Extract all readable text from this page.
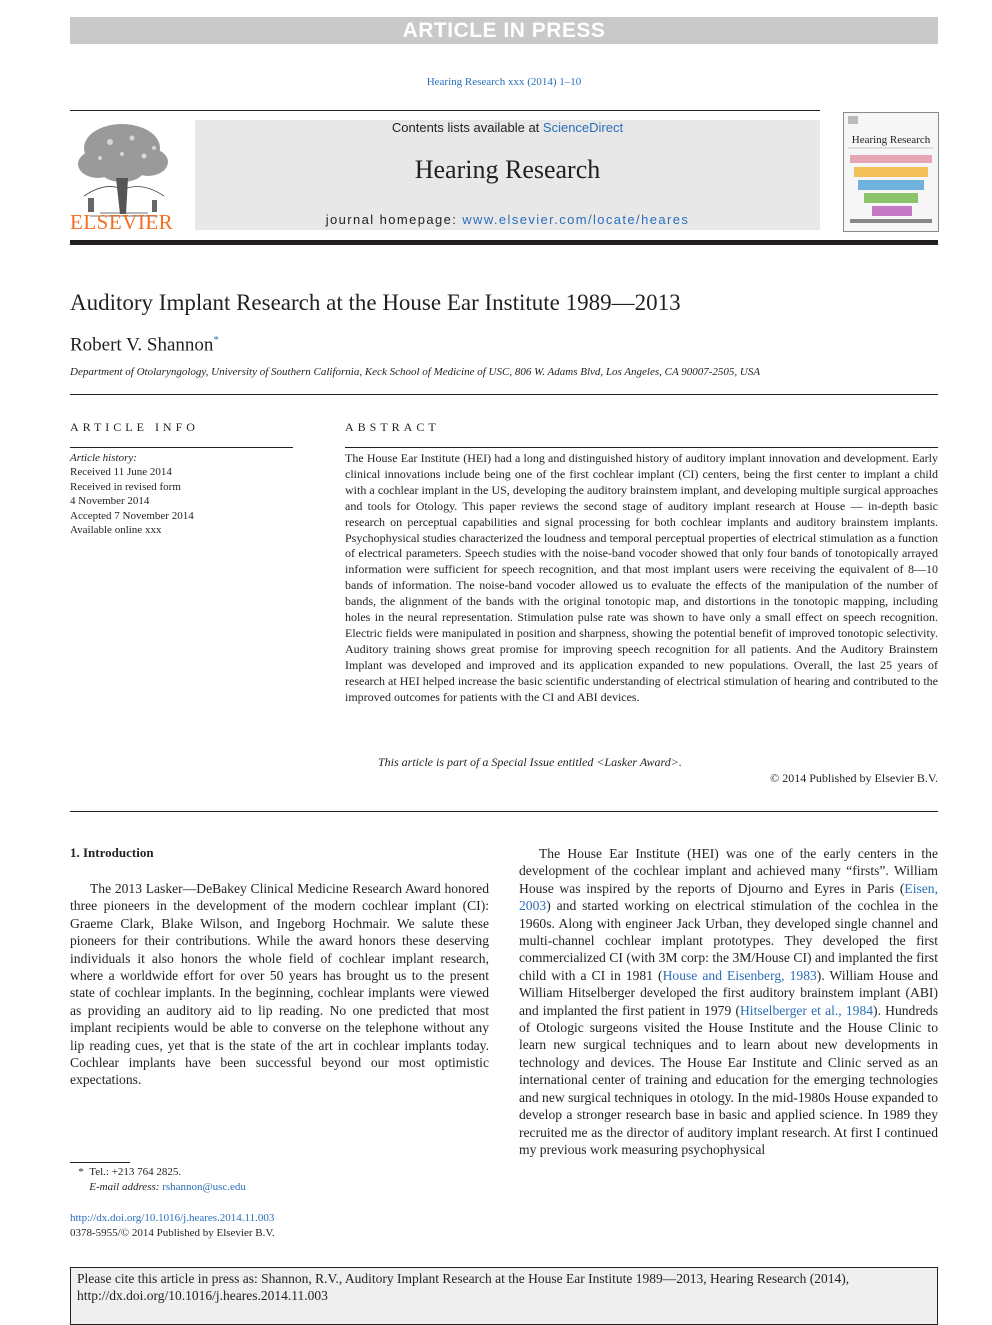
ARTICLE IN PRESS
Hearing Research xxx (2014) 1–10
ELSEVIER
Contents lists available at ScienceDirect
Hearing Research
journal homepage: www.elsevier.com/locate/heares
Hearing Research
Auditory Implant Research at the House Ear Institute 1989—2013
Robert V. Shannon*
Department of Otolaryngology, University of Southern California, Keck School of Medicine of USC, 806 W. Adams Blvd, Los Angeles, CA 90007-2505, USA
ARTICLE INFO	ABSTRACT
Article history:
Received 11 June 2014
Received in revised form
4 November 2014
Accepted 7 November 2014
Available online xxx
The House Ear Institute (HEI) had a long and distinguished history of auditory implant innovation and development. Early clinical innovations include being one of the first cochlear implant (CI) centers, being the first center to implant a child with a cochlear implant in the US, developing the auditory brainstem implant, and developing multiple surgical approaches and tools for Otology. This paper reviews the second stage of auditory implant research at House — in-depth basic research on perceptual capabilities and signal processing for both cochlear implants and auditory brainstem implants. Psychophysical studies characterized the loudness and temporal perceptual properties of electrical stimulation as a function of electrical parameters. Speech studies with the noise-band vocoder showed that only four bands of tonotopically arrayed information were sufficient for speech recognition, and that most implant users were receiving the equivalent of 8—10 bands of information. The noise-band vocoder allowed us to evaluate the effects of the manipulation of the number of bands, the alignment of the bands with the original tonotopic map, and distortions in the tonotopic mapping, including holes in the neural representation. Stimulation pulse rate was shown to have only a small effect on speech recognition. Electric fields were manipulated in position and sharpness, showing the potential benefit of improved tonotopic selectivity. Auditory training shows great promise for improving speech recognition for all patients. And the Auditory Brainstem Implant was developed and improved and its application expanded to new populations. Overall, the last 25 years of research at HEI helped increase the basic scientific understanding of electrical stimulation of hearing and contributed to the improved outcomes for patients with the CI and ABI devices.
This article is part of a Special Issue entitled <Lasker Award>.
© 2014 Published by Elsevier B.V.
1. Introduction

The 2013 Lasker—DeBakey Clinical Medicine Research Award honored three pioneers in the development of the modern cochlear implant (CI): Graeme Clark, Blake Wilson, and Ingeborg Hochmair. We salute these pioneers for their contributions. While the award honors these deserving individuals it also honors the whole field of cochlear implant research, where a worldwide effort for over 50 years has brought us to the present state of cochlear implants. In the beginning, cochlear implants were viewed as providing an auditory aid to lip reading. No one predicted that most implant recipients would be able to converse on the telephone without any lip reading cues, yet that is the state of the art in cochlear implants today. Cochlear implants have been successful beyond our most optimistic expectations.

The House Ear Institute (HEI) was one of the early centers in the development of the cochlear implant and achieved many “firsts”. William House was inspired by the reports of Djourno and Eyres in Paris (Eisen, 2003) and started working on electrical stimulation of the cochlea in the 1960s. Along with engineer Jack Urban, they developed single channel and multi-channel cochlear implant prototypes. They developed the first commercialized CI (with 3M corp: the 3M/House CI) and implanted the first child with a CI in 1981 (House and Eisenberg, 1983). William House and William Hitselberger developed the first auditory brainstem implant (ABI) and implanted the first patient in 1979 (Hitselberger et al., 1984). Hundreds of Otologic surgeons visited the House Institute and the House Clinic to learn new surgical techniques and to learn about new developments in technology and devices. The House Ear Institute and Clinic served as an international center of training and education for the emerging technologies and new surgical techniques in otology. In the mid-1980s House expanded to develop a stronger research base in basic and applied science. In 1989 they recruited me as the director of auditory implant research. At first I continued my previous work measuring psychophysical

*  Tel.: +213 764 2825.
E-mail address: rshannon@usc.edu
http://dx.doi.org/10.1016/j.heares.2014.11.003
0378-5955/© 2014 Published by Elsevier B.V.
Please cite this article in press as: Shannon, R.V., Auditory Implant Research at the House Ear Institute 1989—2013, Hearing Research (2014), http://dx.doi.org/10.1016/j.heares.2014.11.003
